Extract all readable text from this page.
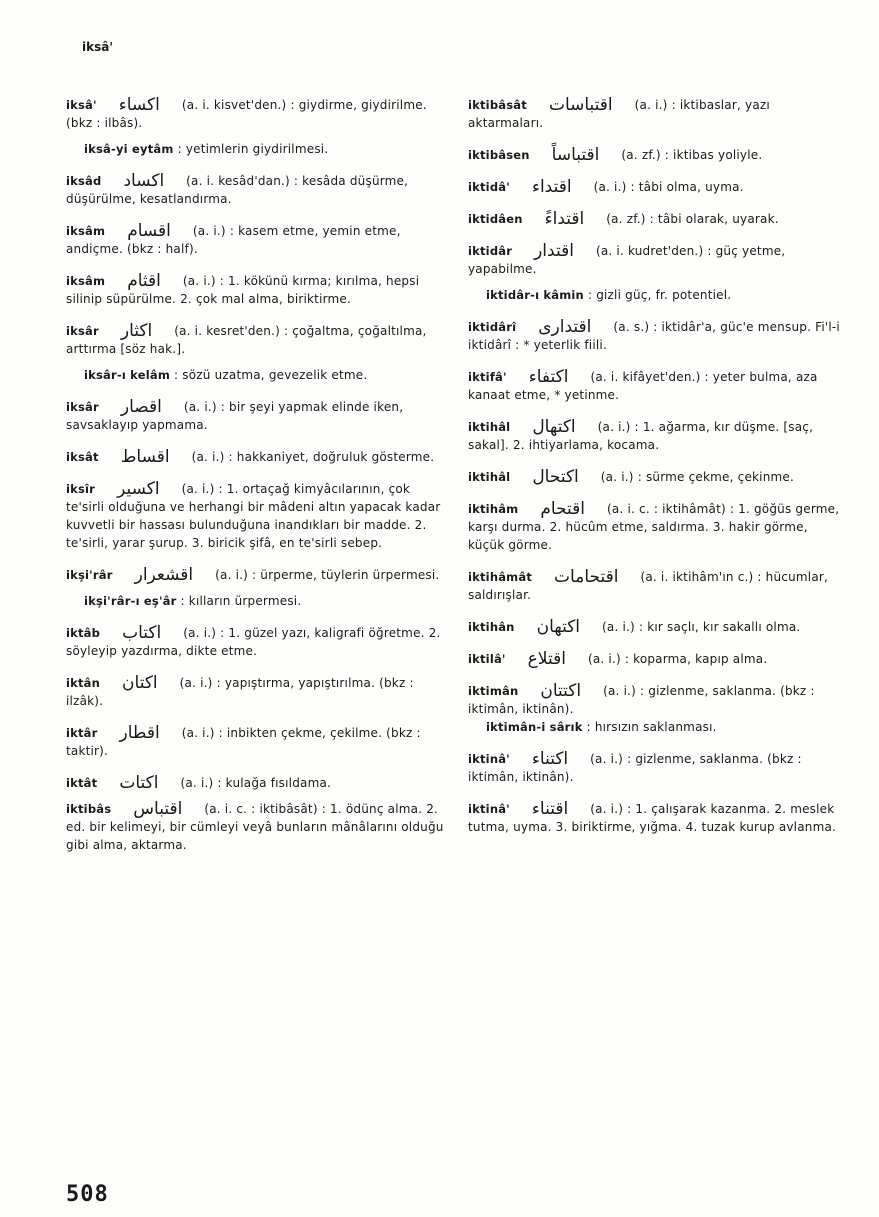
iksâ'

iksâ' اكساء (a. i. kisvet'den.) : giydirme, giydirilme. (bkz : ilbâs).

iksâ-yi eytâm : yetimlerin giydirilmesi.

iksâd اكساد (a. i. kesâd'dan.) : kesâda düşürme, düşürülme, kesatlandırma.

iksâm اقسام (a. i.) : kasem etme, yemin etme, andiçme. (bkz : half).

iksâm اقثام (a. i.) : 1. kökünü kırma; kırılma, hepsi silinip süpürülme. 2. çok mal alma, biriktirme.

iksâr اكثار (a. i. kesret'den.) : çoğaltma, çoğaltılma, arttırma [söz hak.].

iksâr-ı kelâm : sözü uzatma, gevezelik etme.

iksâr اقصار (a. i.) : bir şeyi yapmak elinde iken, savsaklayıp yapmama.

iksât اقساط (a. i.) : hakkaniyet, doğruluk gösterme.

iksîr اكسير (a. i.) : 1. ortaçağ kimyâcılarının, çok te'sirli olduğuna ve herhangi bir mâdeni altın yapacak kadar kuvvetli bir hassası bulunduğuna inandıkları bir madde. 2. te'sirli, yarar şurup. 3. biricik şifâ, en te'sirli sebep.

ikşi'râr اقشعرار (a. i.) : ürperme, tüylerin ürpermesi.

ikşi'râr-ı eş'âr : kılların ürpermesi.

iktâb اكتاب (a. i.) : 1. güzel yazı, kaligrafi öğretme. 2. söyleyip yazdırma, dikte etme.

iktân اكتان (a. i.) : yapıştırma, yapıştırılma. (bkz : ilzâk).

iktâr اقطار (a. i.) : inbikten çekme, çekilme. (bkz : taktir).

iktât اكتات (a. i.) : kulağa fısıldama.

iktibâs اقتباس (a. i. c. : iktibâsât) : 1. ödünç alma. 2. ed. bir kelimeyi, bir cümleyi veyâ bunların mânâlarını olduğu gibi alma, aktarma.

iktibâsât اقتباسات (a. i.) : iktibaslar, yazı aktarmaları.

iktibâsen اقتباساً (a. zf.) : iktibas yoliyle.

iktidâ' اقتداء (a. i.) : tâbi olma, uyma.

iktidâen اقتداءً (a. zf.) : tâbi olarak, uyarak.

iktidâr اقتدار (a. i. kudret'den.) : güç yetme, yapabilme.

iktidâr-ı kâmin : gizli güç, fr. potentiel.

iktidârî اقتداری (a. s.) : iktidâr'a, güc'e mensup. Fi'l-i iktidârî : * yeterlik fiili.

iktifâ' اكتفاء (a. i. kifâyet'den.) : yeter bulma, aza kanaat etme, * yetinme.

iktihâl اكتهال (a. i.) : 1. ağarma, kır düşme. [saç, sakal]. 2. ihtiyarlama, kocama.

iktihâl اكتحال (a. i.) : sürme çekme, çekinme.

iktihâm اقتحام (a. i. c. : iktihâmât) : 1. göğüs germe, karşı durma. 2. hücûm etme, saldırma. 3. hakir görme, küçük görme.

iktihâmât اقتحامات (a. i. iktihâm'ın c.) : hücumlar, saldırışlar.

iktihân اكتهان (a. i.) : kır saçlı, kır sakallı olma.

iktilâ' اقتلاع (a. i.) : koparma, kapıp alma.

iktimân اكتتان (a. i.) : gizlenme, saklanma. (bkz : iktimân, iktinân).

iktimân-i sârık : hırsızın saklanması.

iktinâ' اكتناء (a. i.) : gizlenme, saklanma. (bkz : iktimân, iktinân).

iktinâ' اقتناء (a. i.) : 1. çalışarak kazanma. 2. meslek tutma, uyma. 3. biriktirme, yığma. 4. tuzak kurup avlanma.

508
